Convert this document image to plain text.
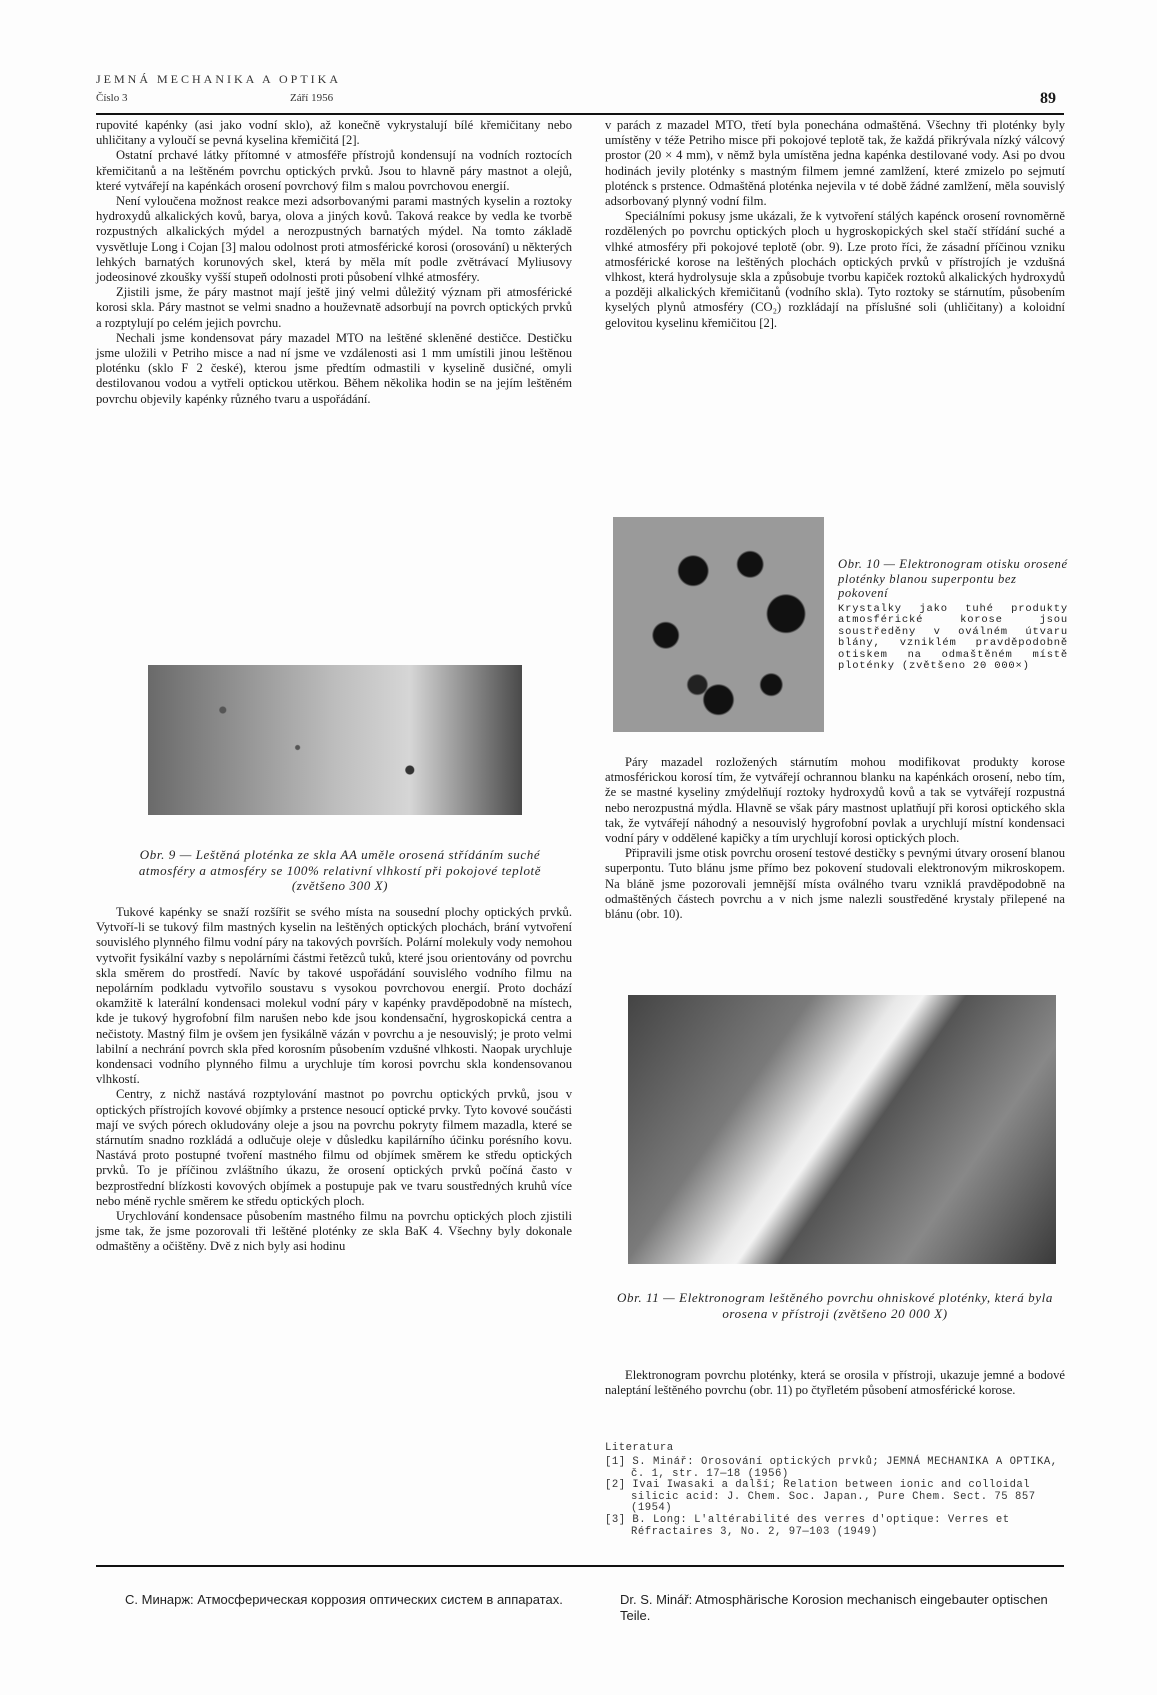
JEMNÁ MECHANIKA A OPTIKA
Číslo 3	Září 1956	89

rupovité kapénky (asi jako vodní sklo), až konečně vykrystalují bílé křemičitany nebo uhličitany a vyloučí se pevná kyselina křemičitá [2].

Ostatní prchavé látky přítomné v atmosféře přístrojů kondensují na vodních roztocích křemičitanů a na leštěném povrchu optických prvků. Jsou to hlavně páry mastnot a olejů, které vytvářejí na kapénkách orosení povrchový film s malou povrchovou energií.

Není vyloučena možnost reakce mezi adsorbovanými parami mastných kyselin a roztoky hydroxydů alkalických kovů, barya, olova a jiných kovů. Taková reakce by vedla ke tvorbě rozpustných alkalických mýdel a nerozpustných barnatých mýdel. Na tomto základě vysvětluje Long i Cojan [3] malou odolnost proti atmosférické korosi (orosování) u některých lehkých barnatých korunových skel, která by měla mít podle zvětrávací Myliusovy jodeosinové zkoušky vyšší stupeň odolnosti proti působení vlhké atmosféry.

Zjistili jsme, že páry mastnot mají ještě jiný velmi důležitý význam při atmosférické korosi skla. Páry mastnot se velmi snadno a houževnatě adsorbují na povrch optických prvků a rozptylují po celém jejich povrchu.

Nechali jsme kondensovat páry mazadel MTO na leštěné skleněné destičce. Destičku jsme uložili v Petriho misce a nad ní jsme ve vzdálenosti asi 1 mm umístili jinou leštěnou ploténku (sklo F 2 české), kterou jsme předtím odmastili v kyselině dusičné, omyli destilovanou vodou a vytřeli optickou utěrkou. Během několika hodin se na jejím leštěném povrchu objevily kapénky různého tvaru a uspořádání.

Obr. 9 — Leštěná ploténka ze skla AA uměle orosená střídáním suché atmosféry a atmosféry se 100% relativní vlhkostí při pokojové teplotě (zvětšeno 300 X)

Tukové kapénky se snaží rozšířit se svého místa na sousední plochy optických prvků. Vytvoří-li se tukový film mastných kyselin na leštěných optických plochách, brání vytvoření souvislého plynného filmu vodní páry na takových površích. Polární molekuly vody nemohou vytvořit fysikální vazby s nepolárními částmi řetězců tuků, které jsou orientovány od povrchu skla směrem do prostředí. Navíc by takové uspořádání souvislého vodního filmu na nepolárním podkladu vytvořilo soustavu s vysokou povrchovou energií. Proto dochází okamžitě k laterální kondensaci molekul vodní páry v kapénky pravděpodobně na místech, kde je tukový hygrofobní film narušen nebo kde jsou kondensační, hygroskopická centra a nečistoty. Mastný film je ovšem jen fysikálně vázán v povrchu a je nesouvislý; je proto velmi labilní a nechrání povrch skla před korosním působením vzdušné vlhkosti. Naopak urychluje kondensaci vodního plynného filmu a urychluje tím korosi povrchu skla kondensovanou vlhkostí.

Centry, z nichž nastává rozptylování mastnot po povrchu optických prvků, jsou v optických přístrojích kovové objímky a prstence nesoucí optické prvky. Tyto kovové součásti mají ve svých pórech okludovány oleje a jsou na povrchu pokryty filmem mazadla, které se stárnutím snadno rozkládá a odlučuje oleje v důsledku kapilárního účinku porésního kovu. Nastává proto postupné tvoření mastného filmu od objímek směrem ke středu optických prvků. To je příčinou zvláštního úkazu, že orosení optických prvků počíná často v bezprostřední blízkosti kovových objímek a postupuje pak ve tvaru soustředných kruhů více nebo méně rychle směrem ke středu optických ploch.

Urychlování kondensace působením mastného filmu na povrchu optických ploch zjistili jsme tak, že jsme pozorovali tři leštěné ploténky ze skla BaK 4. Všechny byly dokonale odmaštěny a očištěny. Dvě z nich byly asi hodinu

v parách z mazadel MTO, třetí byla ponechána odmaštěná. Všechny tři ploténky byly umístěny v téže Petriho misce při pokojové teplotě tak, že každá přikrývala nízký válcový prostor (20 × 4 mm), v němž byla umístěna jedna kapénka destilované vody. Asi po dvou hodinách jevily ploténky s mastným filmem jemné zamlžení, které zmizelo po sejmutí ploténck s prstence. Odmaštěná ploténka nejevila v té době žádné zamlžení, měla souvislý adsorbovaný plynný vodní film.

Speciálními pokusy jsme ukázali, že k vytvoření stálých kapénck orosení rovnoměrně rozdělených po povrchu optických ploch u hygroskopických skel stačí střídání suché a vlhké atmosféry při pokojové teplotě (obr. 9). Lze proto říci, že zásadní příčinou vzniku atmosférické korose na leštěných plochách optických prvků v přístrojích je vzdušná vlhkost, která hydrolysuje skla a způsobuje tvorbu kapiček roztoků alkalických hydroxydů a později alkalických křemičitanů (vodního skla). Tyto roztoky se stárnutím, působením kyselých plynů atmosféry (CO₂) rozkládají na příslušné soli (uhličitany) a koloidní gelovitou kyselinu křemičitou [2].

Obr. 10 — Elektronogram otisku orosené ploténky blanou superpontu bez pokovení
Krystalky jako tuhé produkty atmosférické korose jsou soustředěny v oválném útvaru blány, vzniklém pravděpodobně otiskem na odmaštěném místě ploténky (zvětšeno 20 000×)

Páry mazadel rozložených stárnutím mohou modifikovat produkty korose atmosférickou korosí tím, že vytvářejí ochrannou blanku na kapénkách orosení, nebo tím, že se mastné kyseliny zmýdelňují roztoky hydroxydů kovů a tak se vytvářejí rozpustná nebo nerozpustná mýdla. Hlavně se však páry mastnost uplatňují při korosi optického skla tak, že vytvářejí náhodný a nesouvislý hygrofobní povlak a urychlují místní kondensaci vodní páry v oddělené kapičky a tím urychlují korosi optických ploch.

Připravili jsme otisk povrchu orosení testové destičky s pevnými útvary orosení blanou superpontu. Tuto blánu jsme přímo bez pokovení studovali elektronovým mikroskopem. Na bláně jsme pozorovali jemnější místa oválného tvaru vzniklá pravděpodobně na odmaštěných částech povrchu a v nich jsme nalezli soustředěné krystaly přilepené na blánu (obr. 10).

Obr. 11 — Elektronogram leštěného povrchu ohniskové ploténky, která byla orosena v přístroji (zvětšeno 20 000 X)

Elektronogram povrchu ploténky, která se orosila v přístroji, ukazuje jemné a bodové naleptání leštěného povrchu (obr. 11) po čtyřletém působení atmosférické korose.

Literatura
[1] S. Minář: Orosování optických prvků; JEMNÁ MECHANIKA A OPTIKA, č. 1, str. 17—18 (1956)
[2] Ivai Iwasaki a další; Relation between ionic and colloidal silicic acid: J. Chem. Soc. Japan., Pure Chem. Sect. 75 857 (1954)
[3] B. Long: L'altérabilité des verres d'optique: Verres et Réfractaires 3, No. 2, 97—103 (1949)
С. Минарж: Атмосферическая коррозия оптических систем в аппаратах.	Dr. S. Minář: Atmosphärische Korosion mechanisch eingebauter optischen Teile.
